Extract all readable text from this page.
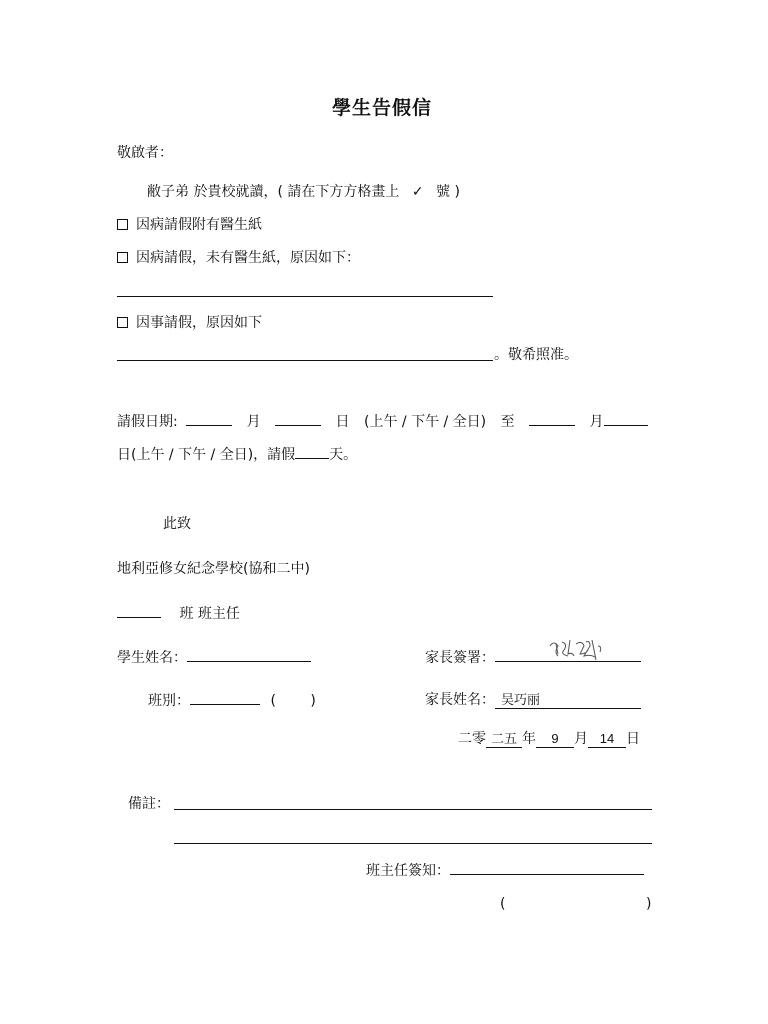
學生告假信
敬啟者：
敝子弟 於貴校就讀，( 請在下方方格畫上 ✓ 號 )
因病請假附有醫生紙
因病請假，未有醫生紙，原因如下：
因事請假，原因如下
。敬希照准。
請假日期:	月	日 (上午 / 下午 / 全日) 至	月
日(上午 / 下午 / 全日)，請假 天。
此致
地利亞修女紀念學校(協和二中)
班 班主任
學生姓名：	家長簽署：
班別：	( )	家長姓名： 吴巧丽
二零 二五 年 9 月 14 日
備註：
班主任簽知：
(	)
